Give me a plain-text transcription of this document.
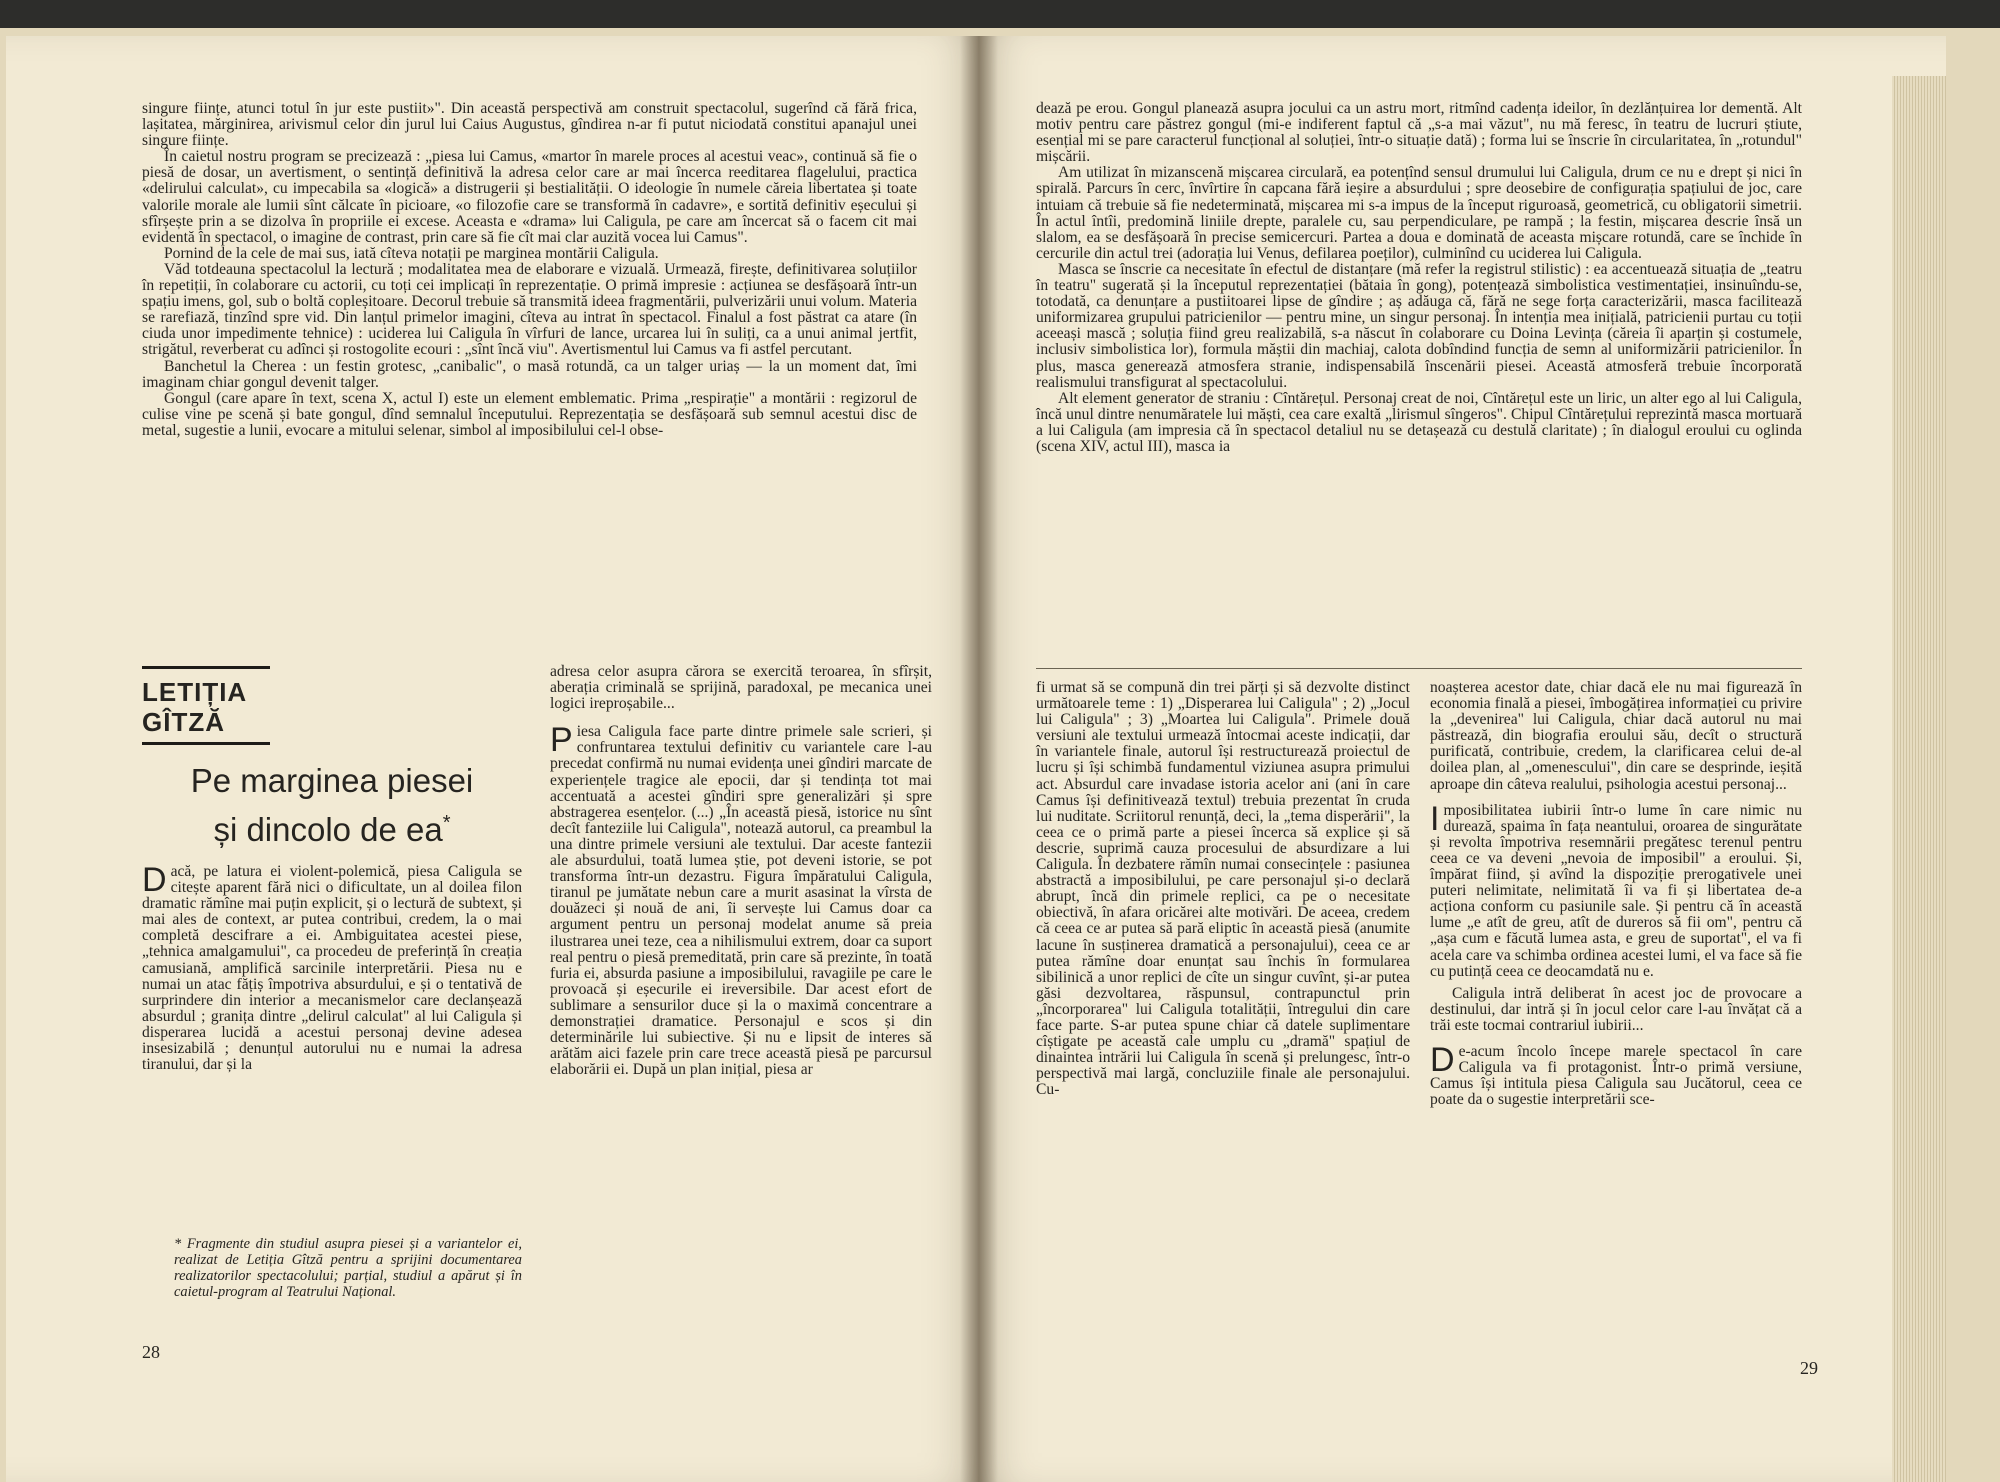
singure ființe, atunci totul în jur este pustiit»". Din această perspectivă am construit spectacolul, sugerînd că fără frica, lașitatea, mărginirea, arivismul celor din jurul lui Caius Augustus, gîndirea n-ar fi putut niciodată constitui apanajul unei singure ființe.

În caietul nostru program se precizează : „piesa lui Camus, «martor în marele proces al acestui veac», continuă să fie o piesă de dosar, un avertisment, o sentință definitivă la adresa celor care ar mai încerca reeditarea flagelului, practica «delirului calculat», cu impecabila sa «logică» a distrugerii și bestialității. O ideologie în numele căreia libertatea și toate valorile morale ale lumii sînt călcate în picioare, «o filozofie care se transformă în cadavre», e sortită definitiv eșecului și sfîrșește prin a se dizolva în propriile ei excese. Aceasta e «drama» lui Caligula, pe care am încercat să o facem cit mai evidentă în spectacol, o imagine de contrast, prin care să fie cît mai clar auzită vocea lui Camus".

Pornind de la cele de mai sus, iată cîteva notații pe marginea montării Caligula.

Văd totdeauna spectacolul la lectură ; modalitatea mea de elaborare e vizuală. Urmează, firește, definitivarea soluțiilor în repetiții, în colaborare cu actorii, cu toți cei implicați în reprezentație. O primă impresie : acțiunea se desfășoară într-un spațiu imens, gol, sub o boltă copleșitoare. Decorul trebuie să transmită ideea fragmentării, pulverizării unui volum. Materia se rarefiază, tinzînd spre vid. Din lanțul primelor imagini, cîteva au intrat în spectacol. Finalul a fost păstrat ca atare (în ciuda unor impedimente tehnice) : uciderea lui Caligula în vîrfuri de lance, urcarea lui în suliți, ca a unui animal jertfit, strigătul, reverberat cu adînci și rostogolite ecouri : „sînt încă viu". Avertismentul lui Camus va fi astfel percutant.

Banchetul la Cherea : un festin grotesc, „canibalic", o masă rotundă, ca un talger uriaș — la un moment dat, îmi imaginam chiar gongul devenit talger.

Gongul (care apare în text, scena X, actul I) este un element emblematic. Prima „respirație" a montării : regizorul de culise vine pe scenă și bate gongul, dînd semnalul începutului. Reprezentația se desfășoară sub semnul acestui disc de metal, sugestie a lunii, evocare a mitului selenar, simbol al imposibilului cel-l obse-

LETIȚIA
GÎTZĂ
Pe marginea piesei
și dincolo de ea*

Dacă, pe latura ei violent-polemică, piesa Caligula se citește aparent fără nici o dificultate, un al doilea filon dramatic rămîne mai puțin explicit, și o lectură de subtext, și mai ales de context, ar putea contribui, credem, la o mai completă descifrare a ei. Ambiguitatea acestei piese, „tehnica amalgamului", ca procedeu de preferință în creația camusiană, amplifică sarcinile interpretării. Piesa nu e numai un atac fățiș împotriva absurdului, e și o tentativă de surprindere din interior a mecanismelor care declanșează absurdul ; granița dintre „delirul calculat" al lui Caligula și disperarea lucidă a acestui personaj devine adesea insesizabilă ; denunțul autorului nu e numai la adresa tiranului, dar și la

* Fragmente din studiul asupra piesei și a variantelor ei, realizat de Letiția Gîtză pentru a sprijini documentarea realizatorilor spectacolului; parțial, studiul a apărut și în caietul-program al Teatrului Național.

adresa celor asupra cărora se exercită teroarea, în sfîrșit, aberația criminală se sprijină, paradoxal, pe mecanica unei logici ireproșabile...

Piesa Caligula face parte dintre primele sale scrieri, și confruntarea textului definitiv cu variantele care l-au precedat confirmă nu numai evidența unei gîndiri marcate de experiențele tragice ale epocii, dar și tendința tot mai accentuată a acestei gîndiri spre generalizări și spre abstragerea esențelor. (...) „În această piesă, istorice nu sînt decît fanteziile lui Caligula", notează autorul, ca preambul la una dintre primele versiuni ale textului. Dar aceste fantezii ale absurdului, toată lumea știe, pot deveni istorie, se pot transforma într-un dezastru. Figura împăratului Caligula, tiranul pe jumătate nebun care a murit asasinat la vîrsta de douăzeci și nouă de ani, îi servește lui Camus doar ca argument pentru un personaj modelat anume să preia ilustrarea unei teze, cea a nihilismului extrem, doar ca suport real pentru o piesă premeditată, prin care să prezinte, în toată furia ei, absurda pasiune a imposibilului, ravagiile pe care le provoacă și eșecurile ei ireversibile. Dar acest efort de sublimare a sensurilor duce și la o maximă concentrare a demonstrației dramatice. Personajul e scos și din determinările lui subiective. Și nu e lipsit de interes să arătăm aici fazele prin care trece această piesă pe parcursul elaborării ei. După un plan inițial, piesa ar

28

dează pe erou. Gongul planează asupra jocului ca un astru mort, ritmînd cadența ideilor, în dezlănțuirea lor dementă. Alt motiv pentru care păstrez gongul (mi-e indiferent faptul că „s-a mai văzut", nu mă feresc, în teatru de lucruri știute, esențial mi se pare caracterul funcțional al soluției, într-o situație dată) ; forma lui se înscrie în circularitatea, în „rotundul" mișcării.

Am utilizat în mizanscenă mișcarea circulară, ea potențînd sensul drumului lui Caligula, drum ce nu e drept și nici în spirală. Parcurs în cerc, învîrtire în capcana fără ieșire a absurdului ; spre deosebire de configurația spațiului de joc, care intuiam că trebuie să fie nedeterminată, mișcarea mi s-a impus de la început riguroasă, geometrică, cu obligatorii simetrii. În actul întîi, predomină liniile drepte, paralele cu, sau perpendiculare, pe rampă ; la festin, mișcarea descrie însă un slalom, ea se desfășoară în precise semicercuri. Partea a doua e dominată de aceasta mișcare rotundă, care se închide în cercurile din actul trei (adorația lui Venus, defilarea poeților), culminînd cu uciderea lui Caligula.

Masca se înscrie ca necesitate în efectul de distanțare (mă refer la registrul stilistic) : ea accentuează situația de „teatru în teatru" sugerată și la începutul reprezentației (bătaia în gong), potențează simbolistica vestimentației, insinuîndu-se, totodată, ca denunțare a pustiitoarei lipse de gîndire ; aș adăuga că, fără ne sege forța caracterizării, masca facilitează uniformizarea grupului patricienilor — pentru mine, un singur personaj. În intenția mea inițială, patricienii purtau cu toții aceeași mască ; soluția fiind greu realizabilă, s-a născut în colaborare cu Doina Levința (căreia îi aparțin și costumele, inclusiv simbolistica lor), formula măștii din machiaj, calota dobîndind funcția de semn al uniformizării patricienilor. În plus, masca generează atmosfera stranie, indispensabilă înscenării piesei. Această atmosferă trebuie încorporată realismului transfigurat al spectacolului.

Alt element generator de straniu : Cîntărețul. Personaj creat de noi, Cîntărețul este un liric, un alter ego al lui Caligula, încă unul dintre nenumăratele lui măști, cea care exaltă „lirismul sîngeros". Chipul Cîntărețului reprezintă masca mortuară a lui Caligula (am impresia că în spectacol detaliul nu se detașează cu destulă claritate) ; în dialogul eroului cu oglinda (scena XIV, actul III), masca ia

fi urmat să se compună din trei părți și să dezvolte distinct următoarele teme : 1) „Disperarea lui Caligula" ; 2) „Jocul lui Caligula" ; 3) „Moartea lui Caligula". Primele două versiuni ale textului urmează întocmai aceste indicații, dar în variantele finale, autorul își restructurează proiectul de lucru și își schimbă fundamentul viziunea asupra primului act. Absurdul care invadase istoria acelor ani (ani în care Camus își definitivează textul) trebuia prezentat în cruda lui nuditate. Scriitorul renunță, deci, la „tema disperării", la ceea ce o primă parte a piesei încerca să explice și să descrie, suprimă cauza procesului de absurdizare a lui Caligula. În dezbatere rămîn numai consecințele : pasiunea abstractă a imposibilului, pe care personajul și-o declară abrupt, încă din primele replici, ca pe o necesitate obiectivă, în afara oricărei alte motivări. De aceea, credem că ceea ce ar putea să pară eliptic în această piesă (anumite lacune în susținerea dramatică a personajului), ceea ce ar putea rămîne doar enunțat sau închis în formularea sibilinică a unor replici de cîte un singur cuvînt, și-ar putea găsi dezvoltarea, răspunsul, contrapunctul prin „încorporarea" lui Caligula totalității, întregului din care face parte. S-ar putea spune chiar că datele suplimentare cîștigate pe această cale umplu cu „dramă" spațiul de dinaintea intrării lui Caligula în scenă și prelungesc, într-o perspectivă mai largă, concluziile finale ale personajului. Cu-

noașterea acestor date, chiar dacă ele nu mai figurează în economia finală a piesei, îmbogățirea informației cu privire la „devenirea" lui Caligula, chiar dacă autorul nu mai păstrează, din biografia eroului său, decît o structură purificată, contribuie, credem, la clarificarea celui de-al doilea plan, al „omenescului", din care se desprinde, ieșită aproape din câteva realului, psihologia acestui personaj...

Imposibilitatea iubirii într-o lume în care nimic nu durează, spaima în fața neantului, oroarea de singurătate și revolta împotriva resemnării pregătesc terenul pentru ceea ce va deveni „nevoia de imposibil" a eroului. Și, împărat fiind, și avînd la dispoziție prerogativele unei puteri nelimitate, nelimitată îi va fi și libertatea de-a acționa conform cu pasiunile sale. Și pentru că în această lume „e atît de greu, atît de dureros să fii om", pentru că „așa cum e făcută lumea asta, e greu de suportat", el va fi acela care va schimba ordinea acestei lumi, el va face să fie cu putință ceea ce deocamdată nu e.

Caligula intră deliberat în acest joc de provocare a destinului, dar intră și în jocul celor care l-au învățat că a trăi este tocmai contrariul iubirii...

De-acum încolo începe marele spectacol în care Caligula va fi protagonist. Într-o primă versiune, Camus își intitula piesa Caligula sau Jucătorul, ceea ce poate da o sugestie interpretării sce-

29
